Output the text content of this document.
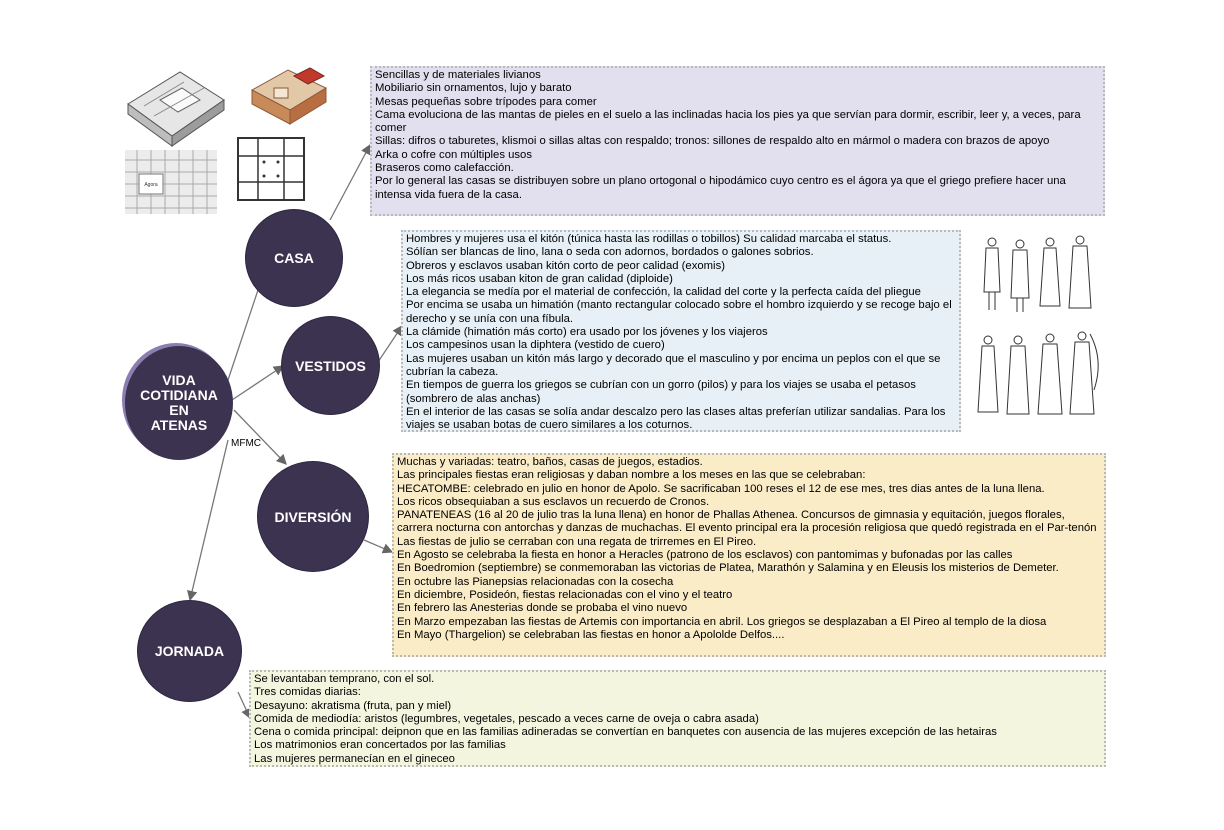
Agora
VIDA
COTIDIANA
EN
ATENAS
MFMC
CASA
VESTIDOS
DIVERSIÓN
JORNADA
Sencillas y de materiales livianos
Mobiliario sin ornamentos, lujo y barato
Mesas pequeñas sobre trípodes para comer
Cama evoluciona de las mantas de pieles en el suelo a las inclinadas hacia los pies ya que servían para dormir, escribir, leer y, a veces, para comer
Sillas: difros o taburetes, klismoi o sillas altas con respaldo; tronos: sillones de respaldo alto en mármol o madera con brazos de apoyo
Arka o cofre con múltiples usos
Braseros como calefacción.
Por lo general las casas se distribuyen sobre un plano ortogonal o hipodámico cuyo centro es el ágora ya que el griego prefiere hacer una intensa vida fuera de la casa.
Hombres y mujeres usa el kitón (túnica hasta las rodillas o tobillos) Su calidad marcaba el status.
Sólían ser blancas de lino, lana o seda con adornos, bordados o galones sobrios.
Obreros y esclavos usaban kitón corto de peor calidad (exomis)
Los más ricos usaban kiton de gran calidad (diploide)
La elegancia se medía por el material de confección, la calidad del corte y la perfecta caída del pliegue
Por encima se usaba un himatión (manto rectangular colocado sobre el hombro izquierdo y se recoge bajo el derecho y se unía con una fíbula.
La clámide (himatión más corto) era usado por los jóvenes y los viajeros
Los campesinos usan la diphtera (vestido de cuero)
Las mujeres usaban un kitón más largo y decorado que el masculino y por encima un peplos con el que se cubrían la cabeza.
En tiempos de guerra los griegos se cubrían con un gorro (pilos) y para los viajes se usaba el petasos (sombrero de alas anchas)
En el interior de las casas se solía andar descalzo pero las clases altas preferían utilizar sandalias. Para los viajes se usaban botas de cuero similares a los coturnos.
Muchas y variadas: teatro, baños, casas de juegos, estadios.
Las principales fiestas eran religiosas y daban nombre a los meses en las que se celebraban:
HECATOMBE: celebrado en julio en honor de Apolo. Se sacrificaban 100 reses el 12 de ese mes, tres dias antes de la luna llena.
Los ricos obsequiaban a sus esclavos un recuerdo de Cronos.
PANATENEAS (16 al 20 de julio tras la luna llena) en honor de Phallas Athenea. Concursos de gimnasia y equitación, juegos florales, carrera nocturna con antorchas y danzas de muchachas. El evento principal era la procesión religiosa que quedó registrada en el Par-tenón
Las fiestas de julio se cerraban con una regata de trirremes en El Pireo.
En Agosto se celebraba la fiesta en honor a Heracles (patrono de los esclavos) con pantomimas y bufonadas por las calles
En Boedromion (septiembre) se conmemoraban las victorias de Platea, Marathón y Salamina y en Eleusis los misterios de Demeter.
En octubre las Pianepsias relacionadas con la cosecha
En diciembre, Posideón, fiestas relacionadas con el vino y el teatro
En febrero las Anesterias donde se probaba el vino nuevo
En Marzo empezaban las fiestas de Artemis con importancia en abril. Los griegos se desplazaban a El Pireo al templo de la diosa
En Mayo (Thargelion) se celebraban las fiestas en honor a Apololde Delfos....
Se levantaban temprano, con el sol.
Tres comidas diarias:
Desayuno: akratisma (fruta, pan y miel)
Comida de mediodía: aristos (legumbres, vegetales, pescado a veces carne de oveja o cabra asada)
Cena o comida principal: deipnon que en las familias adineradas se convertían en banquetes con ausencia de las mujeres excepción de las hetairas
Los matrimonios eran concertados por las familias
Las mujeres permanecían en el gineceo
